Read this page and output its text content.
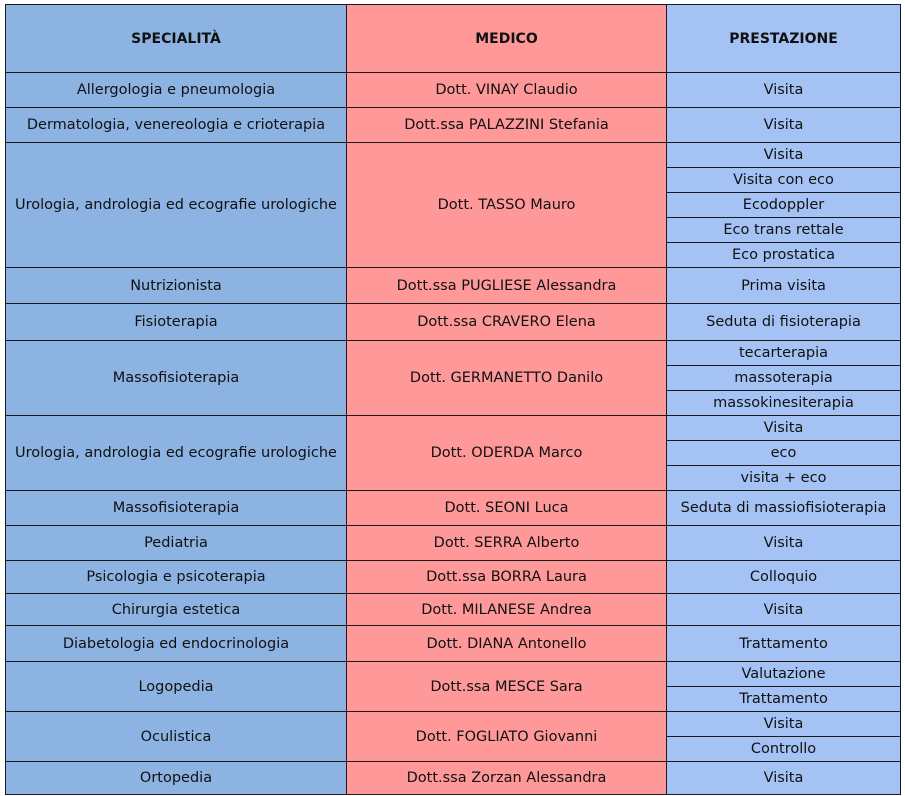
SPECIALITÀ	MEDICO	PRESTAZIONE
Allergologia e pneumologia	Dott. VINAY Claudio	Visita
Dermatologia, venereologia e crioterapia	Dott.ssa PALAZZINI Stefania	Visita
Urologia, andrologia ed ecografie urologiche	Dott. TASSO Mauro	Visita
		Visita con eco
		Ecodoppler
		Eco trans rettale
		Eco prostatica
Nutrizionista	Dott.ssa PUGLIESE Alessandra	Prima visita
Fisioterapia	Dott.ssa CRAVERO Elena	Seduta di fisioterapia
Massofisioterapia	Dott. GERMANETTO Danilo	tecarterapia
		massoterapia
		massokinesiterapia
Urologia, andrologia ed ecografie urologiche	Dott. ODERDA Marco	Visita
		eco
		visita + eco
Massofisioterapia	Dott. SEONI Luca	Seduta di massiofisioterapia
Pediatria	Dott. SERRA Alberto	Visita
Psicologia e psicoterapia	Dott.ssa BORRA Laura	Colloquio
Chirurgia estetica	Dott. MILANESE Andrea	Visita
Diabetologia ed endocrinologia	Dott. DIANA Antonello	Trattamento
Logopedia	Dott.ssa MESCE Sara	Valutazione
		Trattamento
Oculistica	Dott. FOGLIATO Giovanni	Visita
		Controllo
Ortopedia	Dott.ssa Zorzan Alessandra	Visita
